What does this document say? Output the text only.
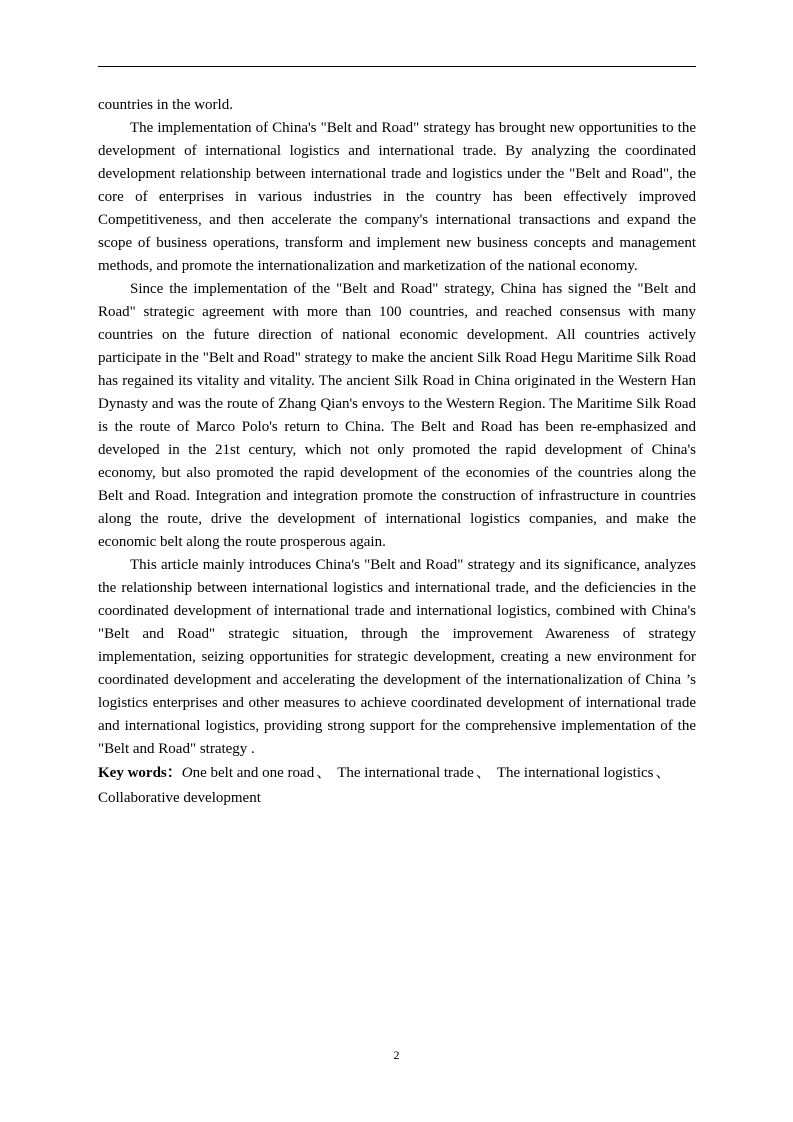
countries in the world.

The implementation of China's "Belt and Road" strategy has brought new opportunities to the development of international logistics and international trade. By analyzing the coordinated development relationship between international trade and logistics under the "Belt and Road", the core of enterprises in various industries in the country has been effectively improved Competitiveness, and then accelerate the company's international transactions and expand the scope of business operations, transform and implement new business concepts and management methods, and promote the internationalization and marketization of the national economy.

Since the implementation of the "Belt and Road" strategy, China has signed the "Belt and Road" strategic agreement with more than 100 countries, and reached consensus with many countries on the future direction of national economic development. All countries actively participate in the "Belt and Road" strategy to make the ancient Silk Road Hegu Maritime Silk Road has regained its vitality and vitality. The ancient Silk Road in China originated in the Western Han Dynasty and was the route of Zhang Qian's envoys to the Western Region. The Maritime Silk Road is the route of Marco Polo's return to China. The Belt and Road has been re-emphasized and developed in the 21st century, which not only promoted the rapid development of China's economy, but also promoted the rapid development of the economies of the countries along the Belt and Road. Integration and integration promote the construction of infrastructure in countries along the route, drive the development of international logistics companies, and make the economic belt along the route prosperous again.

This article mainly introduces China's "Belt and Road" strategy and its significance, analyzes the relationship between international logistics and international trade, and the deficiencies in the coordinated development of international trade and international logistics, combined with China's "Belt and Road" strategic situation, through the improvement Awareness of strategy implementation, seizing opportunities for strategic development, creating a new environment for coordinated development and accelerating the development of the internationalization of China ’s logistics enterprises and other measures to achieve coordinated development of international trade and international logistics, providing strong support for the comprehensive implementation of the "Belt and Road" strategy .

Key words：One belt and one road 、 The international trade 、 The international logistics 、Collaborative development

2
